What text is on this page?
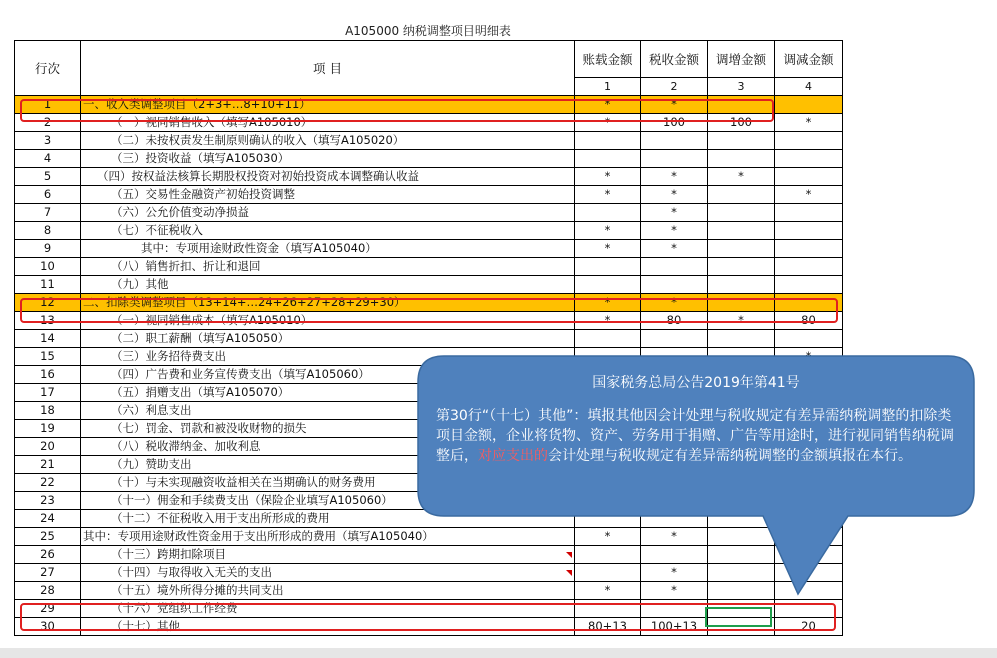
A105000 纳税调整项目明细表
行次	项 目	账载金额	税收金额	调增金额	调减金额
		1	2	3	4
1	一、收入类调整项目（2+3+…8+10+11）	*	*		
2	（一）视同销售收入（填写A105010）	*	100	100	*
3	（二）未按权责发生制原则确认的收入（填写A105020）				
4	（三）投资收益（填写A105030）				
5	（四）按权益法核算长期股权投资对初始投资成本调整确认收益	*	*	*	
6	（五）交易性金融资产初始投资调整	*	*		*
7	（六）公允价值变动净损益		*		
8	（七）不征税收入	*	*		
9	其中：专项用途财政性资金（填写A105040）	*	*		
10	（八）销售折扣、折让和退回				
11	（九）其他				
12	二、扣除类调整项目（13+14+…24+26+27+28+29+30）	*	*		
13	（一）视同销售成本（填写A105010）	*	80	*	80
14	（二）职工薪酬（填写A105050）				
15	（三）业务招待费支出				
16	（四）广告费和业务宣传费支出（填写A105060）				
17	（五）捐赠支出（填写A105070）				
18	（六）利息支出				
19	（七）罚金、罚款和被没收财物的损失				
20	（八）税收滞纳金、加收利息				
21	（九）赞助支出				
22	（十）与未实现融资收益相关在当期确认的财务费用				
23	（十一）佣金和手续费支出（保险企业填写A105060）				
24	（十二）不征税收入用于支出所形成的费用				
25	其中：专项用途财政性资金用于支出所形成的费用（填写A105040）	*	*		
26	（十三）跨期扣除项目				
27	（十四）与取得收入无关的支出		*		
28	（十五）境外所得分摊的共同支出	*	*		
29	（十六）党组织工作经费				
30	（十七）其他	80+13	100+13		20
国家税务总局公告2019年第41号
第30行“（十七）其他”：填报其他因会计处理与税收规定有差异需纳税调整的扣除类项目金额，企业将货物、资产、劳务用于捐赠、广告等用途时，进行视同销售纳税调整后，对应支出的会计处理与税收规定有差异需纳税调整的金额填报在本行。
